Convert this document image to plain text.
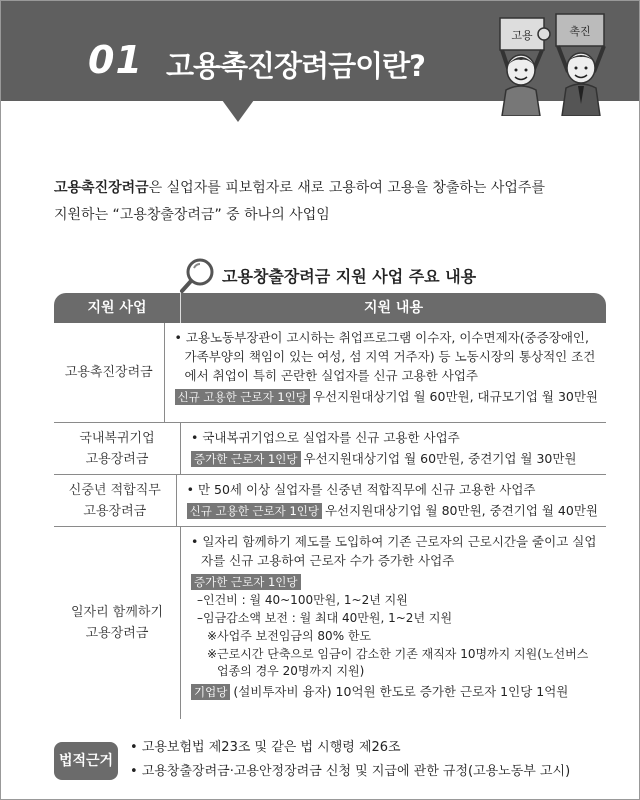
01 고용촉진장려금이란?
고용	촉진
고용촉진장려금은 실업자를 피보험자로 새로 고용하여 고용을 창출하는 사업주를
지원하는 “고용창출장려금” 중 하나의 사업임
고용창출장려금 지원 사업 주요 내용
지원 사업	지원 내용
고용촉진장려금
• 고용노동부장관이 고시하는 취업프로그램 이수자, 이수면제자(중증장애인, 가족부양의 책임이 있는 여성, 섬 지역 거주자) 등 노동시장의 통상적인 조건에서 취업이 특히 곤란한 실업자를 신규 고용한 사업주
신규 고용한 근로자 1인당 우선지원대상기업 월 60만원, 대규모기업 월 30만원
국내복귀기업
고용장려금
• 국내복귀기업으로 실업자를 신규 고용한 사업주
증가한 근로자 1인당 우선지원대상기업 월 60만원, 중견기업 월 30만원
신중년 적합직무
고용장려금
• 만 50세 이상 실업자를 신중년 적합직무에 신규 고용한 사업주
신규 고용한 근로자 1인당 우선지원대상기업 월 80만원, 중견기업 월 40만원
일자리 함께하기
고용장려금
• 일자리 함께하기 제도를 도입하여 기존 근로자의 근로시간을 줄이고 실업자를 신규 고용하여 근로자 수가 증가한 사업주
증가한 근로자 1인당
–인건비 : 월 40~100만원, 1~2년 지원
–임금감소액 보전 : 월 최대 40만원, 1~2년 지원
※사업주 보전임금의 80% 한도
※근로시간 단축으로 임금이 감소한 기존 재직자 10명까지 지원(노선버스
업종의 경우 20명까지 지원)
기업당 (설비투자비 융자) 10억원 한도로 증가한 근로자 1인당 1억원
법적근거
• 고용보험법 제23조 및 같은 법 시행령 제26조
• 고용창출장려금·고용안정장려금 신청 및 지급에 관한 규정(고용노동부 고시)
